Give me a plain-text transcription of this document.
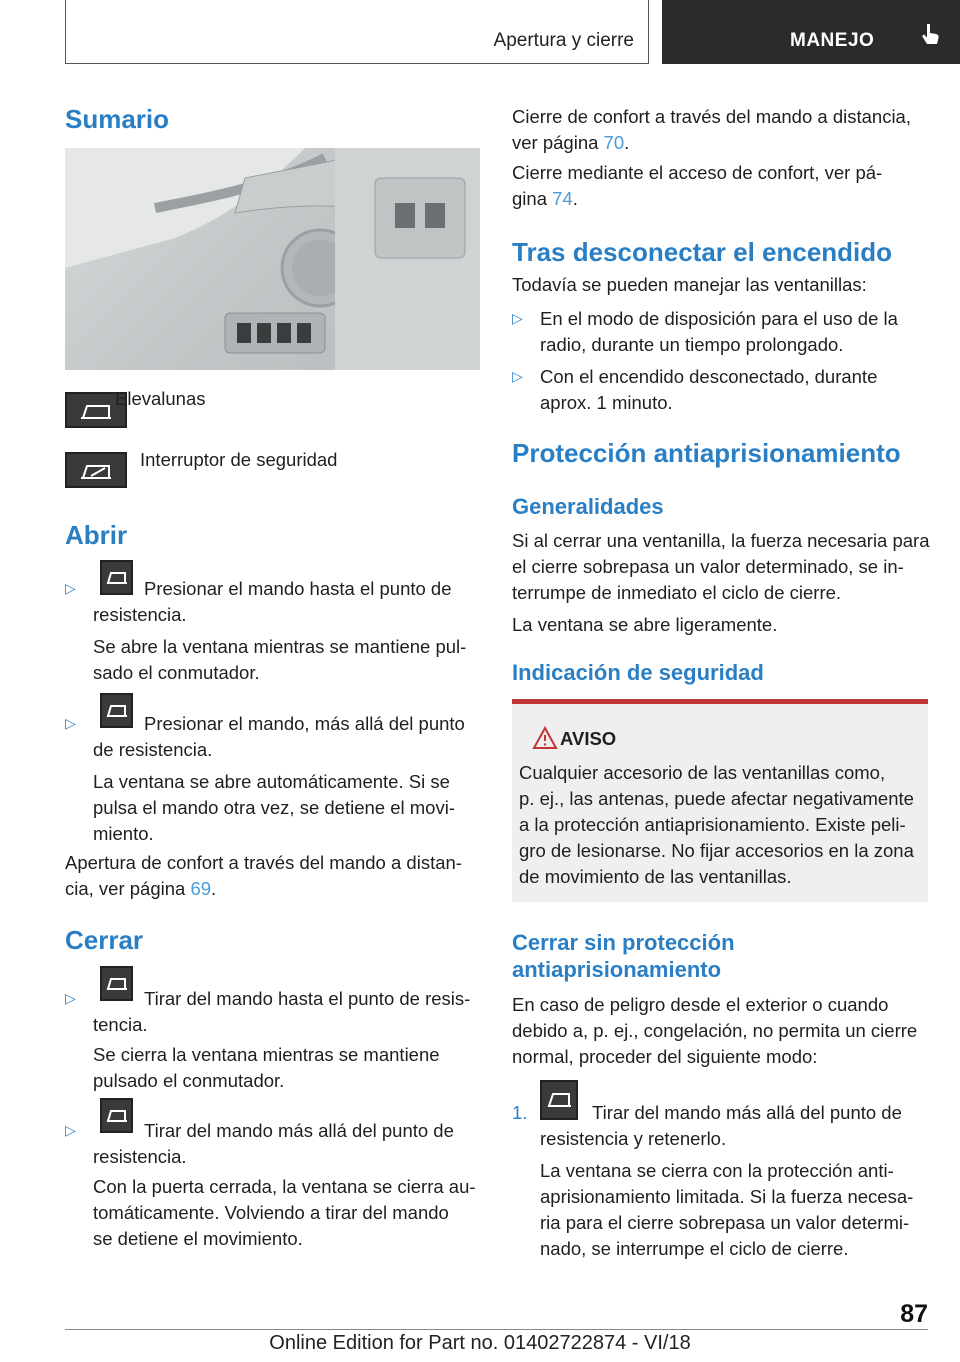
Apertura y cierre	MANEJO
Sumario
Elevalunas
Interruptor de seguridad
Abrir
▷	Presionar el mando hasta el punto de
resistencia.
Se abre la ventana mientras se mantiene pul-
sado el conmutador.
▷	Presionar el mando, más allá del punto
de resistencia.
La ventana se abre automáticamente. Si se
pulsa el mando otra vez, se detiene el movi-
miento.
Apertura de confort a través del mando a distan-
cia, ver página 69.
Cerrar
▷	Tirar del mando hasta el punto de resis-
tencia.
Se cierra la ventana mientras se mantiene
pulsado el conmutador.
▷	Tirar del mando más allá del punto de
resistencia.
Con la puerta cerrada, la ventana se cierra au-
tomáticamente. Volviendo a tirar del mando
se detiene el movimiento.
Cierre de confort a través del mando a distancia,
ver página 70.
Cierre mediante el acceso de confort, ver pá-
gina 74.
Tras desconectar el encendido
Todavía se pueden manejar las ventanillas:
▷ En el modo de disposición para el uso de la
radio, durante un tiempo prolongado.
▷ Con el encendido desconectado, durante
aprox. 1 minuto.
Protección antiaprisionamiento
Generalidades
Si al cerrar una ventanilla, la fuerza necesaria para
el cierre sobrepasa un valor determinado, se in-
terrumpe de inmediato el ciclo de cierre.
La ventana se abre ligeramente.
Indicación de seguridad
AVISO
Cualquier accesorio de las ventanillas como,
p. ej., las antenas, puede afectar negativamente
a la protección antiaprisionamiento. Existe peli-
gro de lesionarse. No fijar accesorios en la zona
de movimiento de las ventanillas.
Cerrar sin protección
antiaprisionamiento
En caso de peligro desde el exterior o cuando
debido a, p. ej., congelación, no permita un cierre
normal, proceder del siguiente modo:
1.	Tirar del mando más allá del punto de
resistencia y retenerlo.
La ventana se cierra con la protección anti-
aprisionamiento limitada. Si la fuerza necesa-
ria para el cierre sobrepasa un valor determi-
nado, se interrumpe el ciclo de cierre.
87
Online Edition for Part no. 01402722874 - VI/18
